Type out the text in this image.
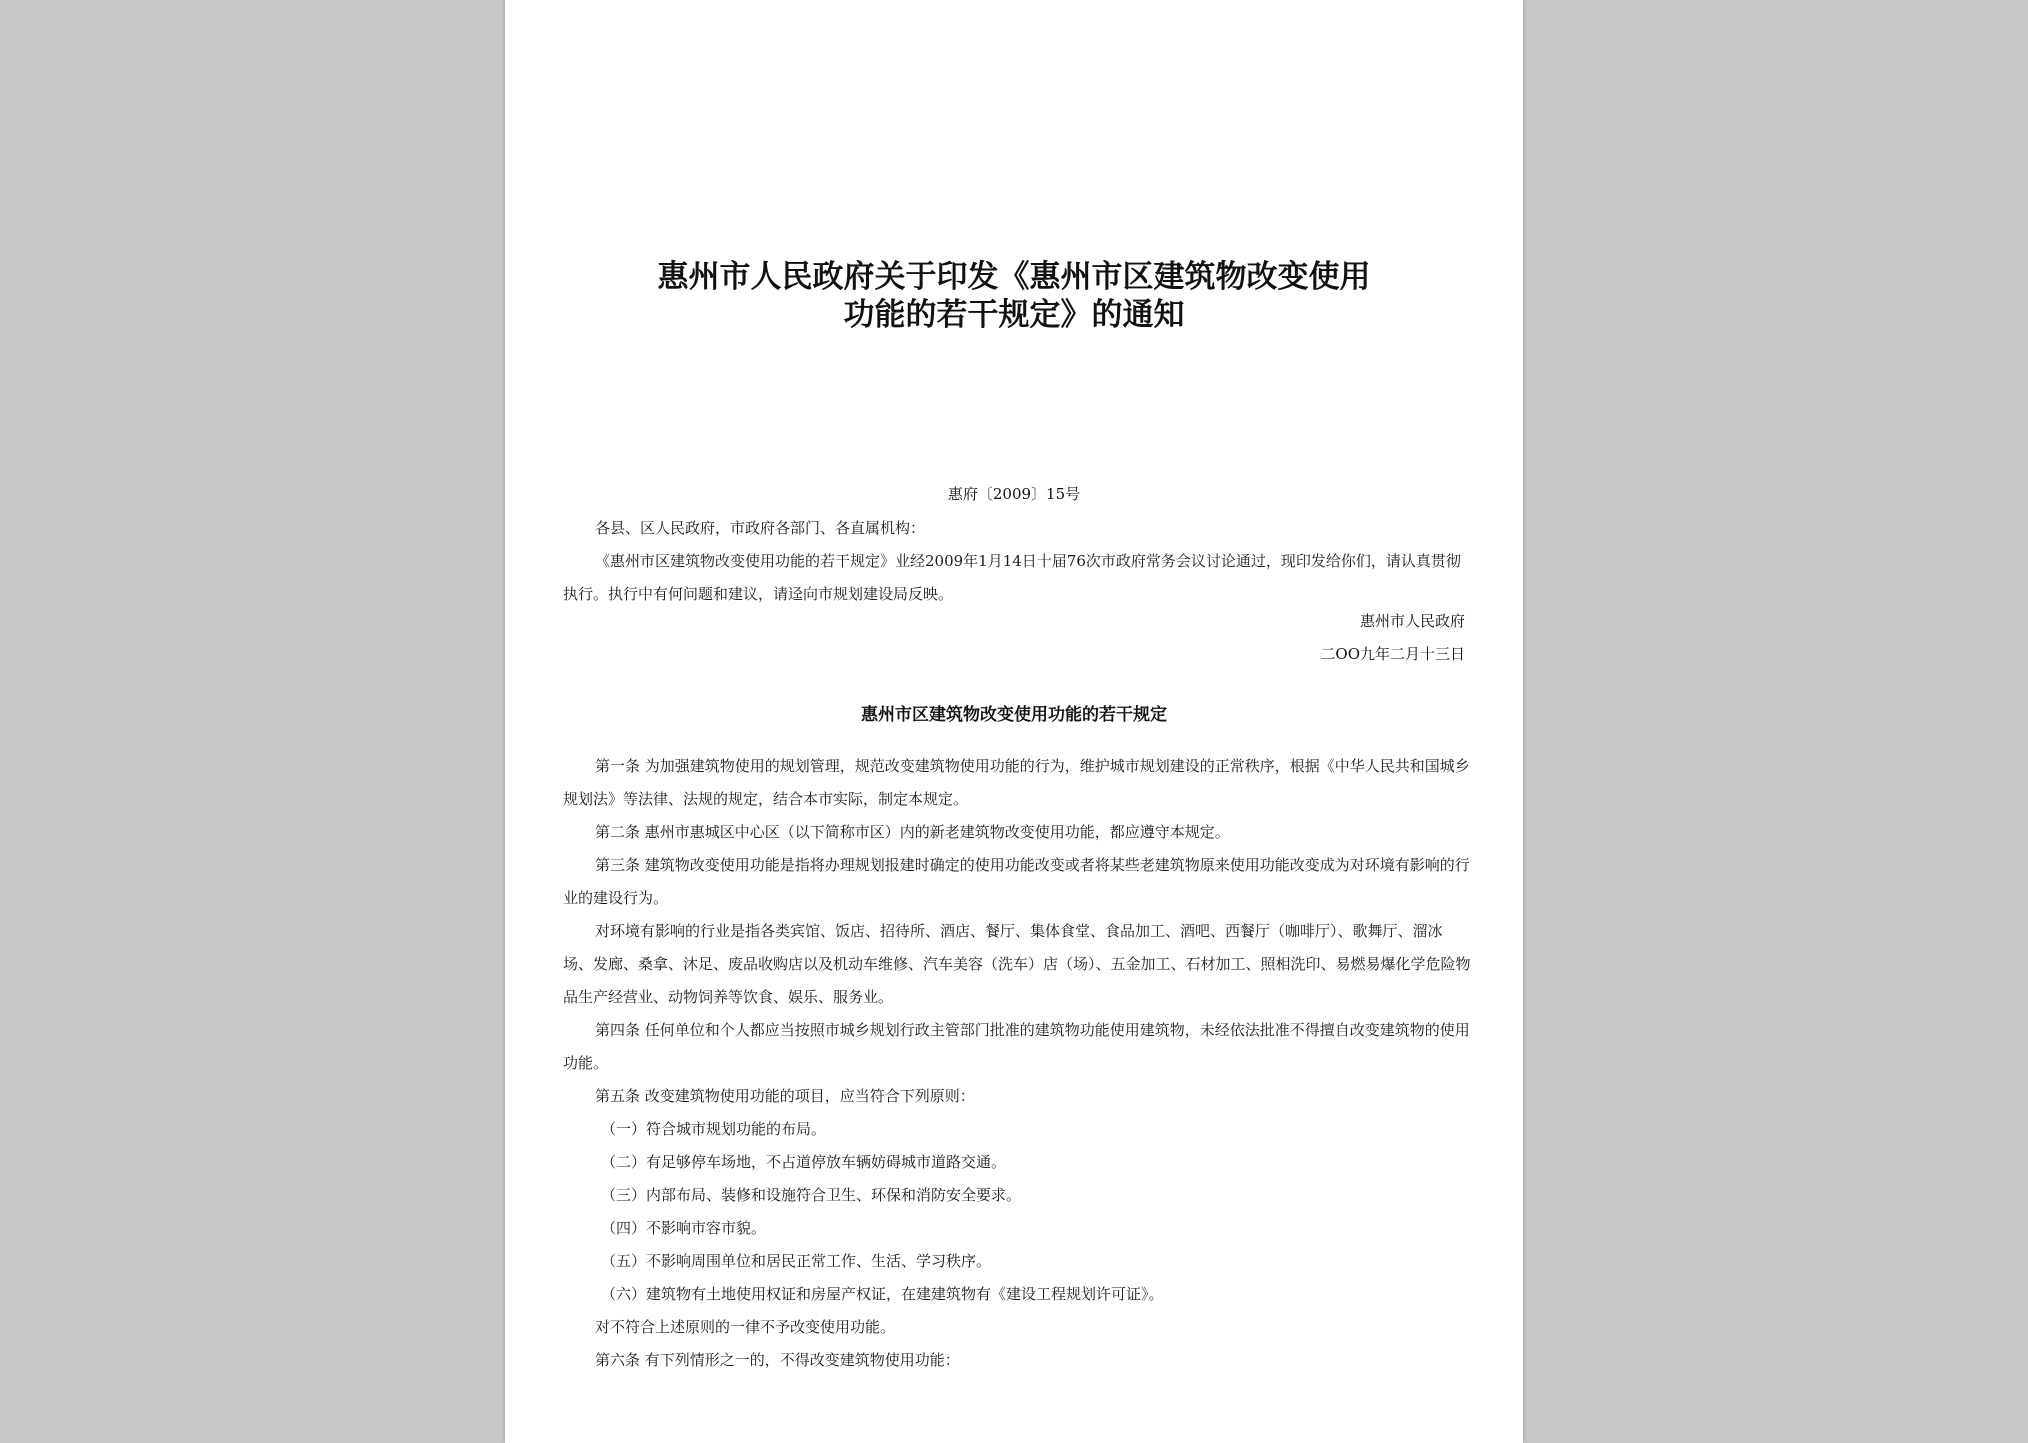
惠州市人民政府关于印发《惠州市区建筑物改变使用
功能的若干规定》的通知
惠府〔2009〕15号
各县、区人民政府，市政府各部门、各直属机构：
《惠州市区建筑物改变使用功能的若干规定》业经2009年1月14日十届76次市政府常务会议讨论通过，现印发给你们，请认真贯彻执行。执行中有何问题和建议，请迳向市规划建设局反映。
惠州市人民政府
二OO九年二月十三日
惠州市区建筑物改变使用功能的若干规定

第一条 为加强建筑物使用的规划管理，规范改变建筑物使用功能的行为，维护城市规划建设的正常秩序，根据《中华人民共和国城乡规划法》等法律、法规的规定，结合本市实际，制定本规定。

第二条 惠州市惠城区中心区（以下简称市区）内的新老建筑物改变使用功能，都应遵守本规定。

第三条 建筑物改变使用功能是指将办理规划报建时确定的使用功能改变或者将某些老建筑物原来使用功能改变成为对环境有影响的行业的建设行为。

对环境有影响的行业是指各类宾馆、饭店、招待所、酒店、餐厅、集体食堂、食品加工、酒吧、西餐厅（咖啡厅）、歌舞厅、溜冰场、发廊、桑拿、沐足、废品收购店以及机动车维修、汽车美容（洗车）店（场）、五金加工、石材加工、照相洗印、易燃易爆化学危险物品生产经营业、动物饲养等饮食、娱乐、服务业。

第四条 任何单位和个人都应当按照市城乡规划行政主管部门批准的建筑物功能使用建筑物，未经依法批准不得擅自改变建筑物的使用功能。

第五条 改变建筑物使用功能的项目，应当符合下列原则：

（一）符合城市规划功能的布局。

（二）有足够停车场地，不占道停放车辆妨碍城市道路交通。

（三）内部布局、装修和设施符合卫生、环保和消防安全要求。

（四）不影响市容市貌。

（五）不影响周围单位和居民正常工作、生活、学习秩序。

（六）建筑物有土地使用权证和房屋产权证，在建建筑物有《建设工程规划许可证》。

对不符合上述原则的一律不予改变使用功能。

第六条 有下列情形之一的，不得改变建筑物使用功能：
